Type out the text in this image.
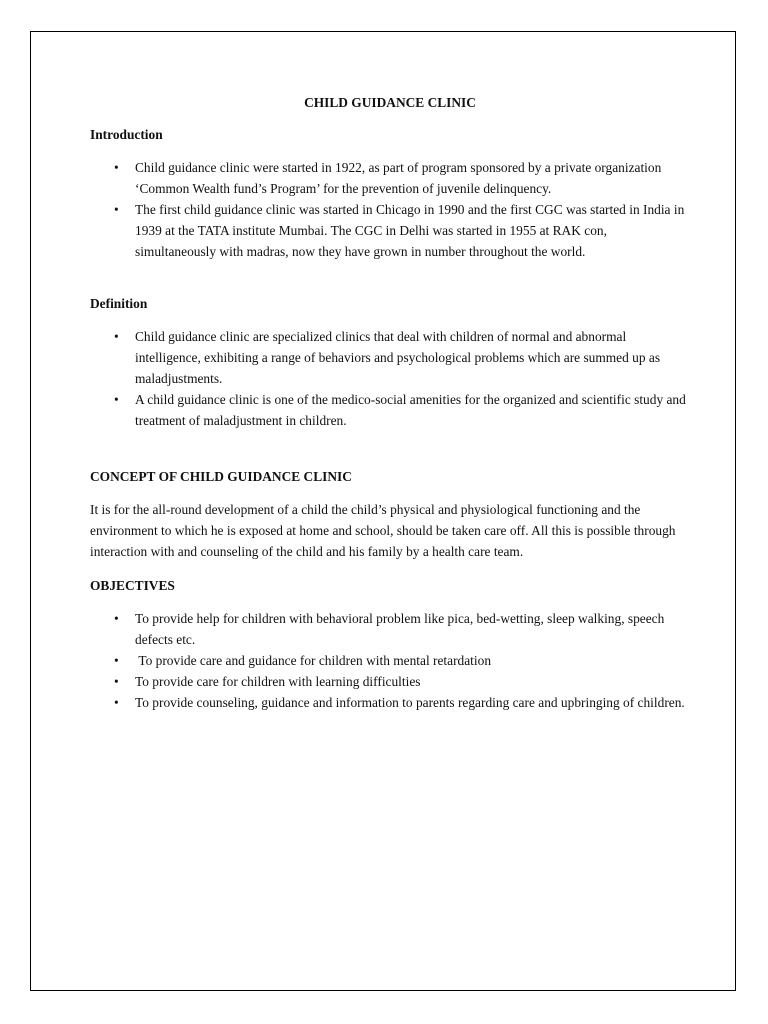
CHILD GUIDANCE CLINIC

Introduction

• Child guidance clinic were started in 1922, as part of program sponsored by a private organization ‘Common Wealth fund’s Program’ for the prevention of juvenile delinquency.
• The first child guidance clinic was started in Chicago in 1990 and the first CGC was started in India in 1939 at the TATA institute Mumbai. The CGC in Delhi was started in 1955 at RAK con, simultaneously with madras, now they have grown in number throughout the world.

Definition

• Child guidance clinic are specialized clinics that deal with children of normal and abnormal intelligence, exhibiting a range of behaviors and psychological problems which are summed up as maladjustments.
• A child guidance clinic is one of the medico-social amenities for the organized and scientific study and treatment of maladjustment in children.

CONCEPT OF CHILD GUIDANCE CLINIC

It is for the all-round development of a child the child’s physical and physiological functioning and the environment to which he is exposed at home and school, should be taken care off. All this is possible through interaction with and counseling of the child and his family by a health care team.

OBJECTIVES

• To provide help for children with behavioral problem like pica, bed-wetting, sleep walking, speech defects etc.
• To provide care and guidance for children with mental retardation
• To provide care for children with learning difficulties
• To provide counseling, guidance and information to parents regarding care and upbringing of children.
